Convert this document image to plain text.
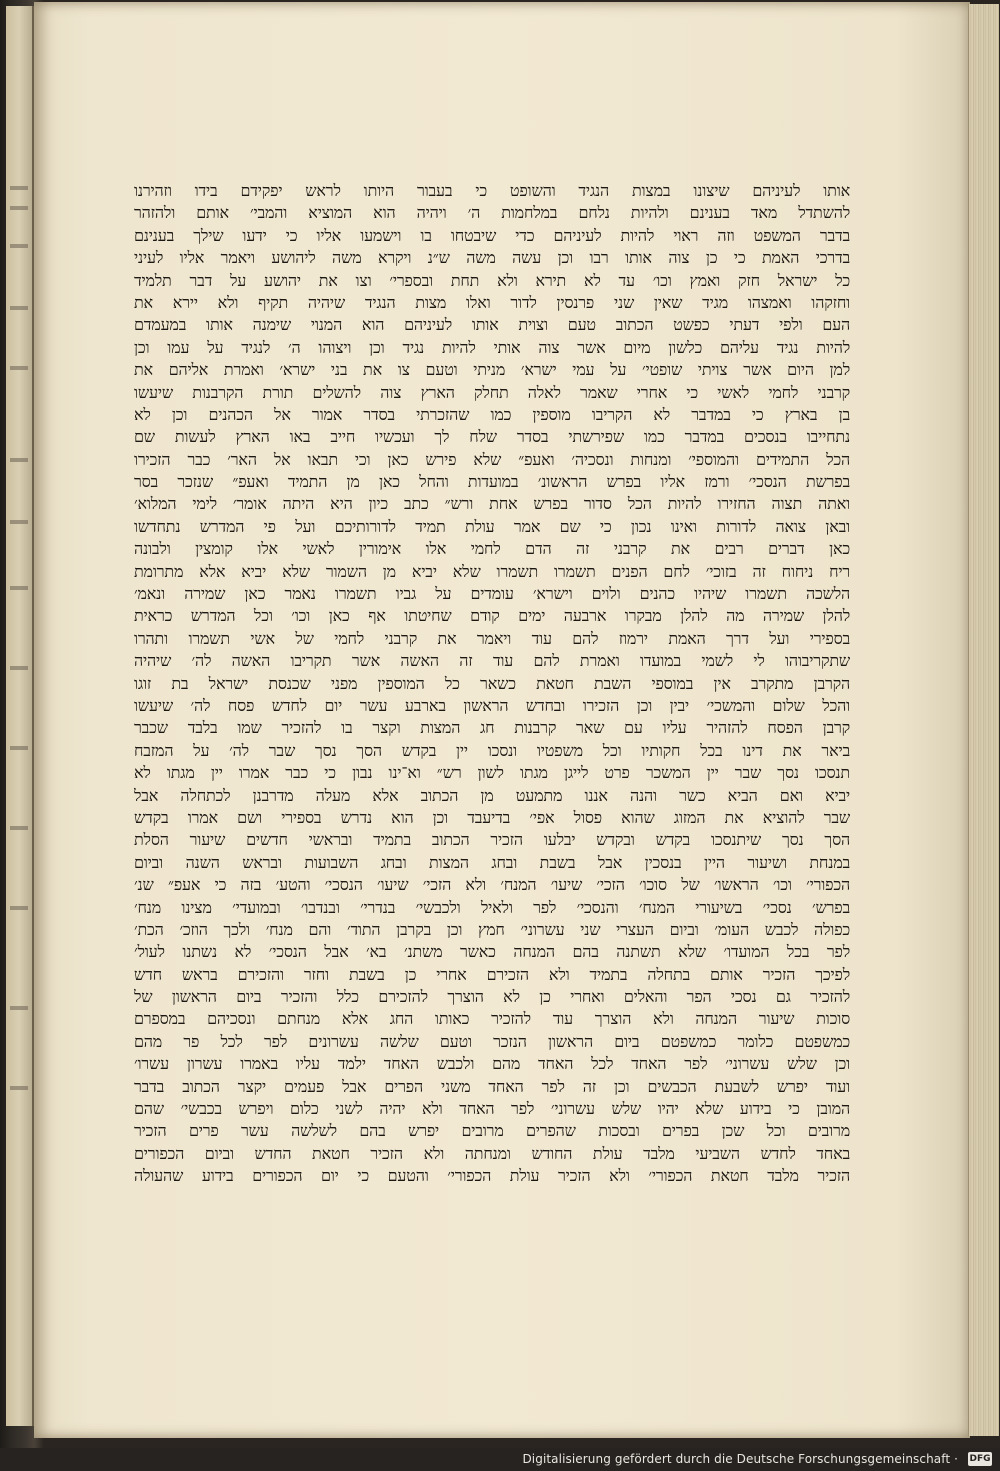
אותו לעיניהם שיצונו במצות הנגיד והשופט כי בעבור היותו לראש יפקידם בידו וזהירנו
להשתדל מאד בענינם ולהיות נלחם במלחמות ה׳ ויהיה הוא המוציא והמבי׳ אותם ולהזהר
בדבר המשפט וזה ראוי להיות לעיניהם כדי שיבטחו בו וישמעו אליו כי ידעו שילך בענינם
בדרכי האמת כי כן צוה אותו רבו וכן עשה משה ש״נ ויקרא משה ליהושע ויאמר אליו לעיני
כל ישראל חזק ואמץ וכו׳ עד לא תירא ולא תחת ובספרי׳ וצו את יהושע על דבר תלמיד
וחזקהו ואמצהו מגיד שאין שני פרנסין לדור ואלו מצות הנגיד שיהיה תקיף ולא יירא את
העם ולפי דעתי כפשט הכתוב טעם וצוית אותו לעיניהם הוא המנוי שימנה אותו במעמדם
להיות נגיד עליהם כלשון מיום אשר צוה אותי להיות נגיד וכן ויצוהו ה׳ לנגיד על עמו וכן
למן היום אשר צויתי שופטי׳ על עמי ישרא׳ מניתי וטעם צו את בני ישרא׳ ואמרת אליהם את
קרבני לחמי לאשי כי אחרי שאמר לאלה תחלק הארץ צוה להשלים תורת הקרבנות שיעשו
בן בארץ כי במדבר לא הקריבו מוספין כמו שהזכרתי בסדר אמור אל הכהנים וכן לא
נתחייבו בנסכים במדבר כמו שפירשתי בסדר שלח לך ועכשיו חייב באו הארץ לעשות שם
הכל התמידים והמוספי׳ ומנחות ונסכיה׳ ואעפ״ שלא פירש כאן וכי תבאו אל האר׳ כבר הזכירו
בפרשת הנסכי׳ ורמז אליו בפרש הראשונ׳ במועדות והחל כאן מן התמיד ואעפ״ שנזכר בסר
ואתה תצוה החזירו להיות הכל סדור בפרש אחת ורש״ כתב כיון היא היתה אומר׳ לימי המלוא׳
ובאן צואה לדורות ואינו נכון כי שם אמר עולת תמיד לדורותיכם ועל פי המדרש נתחדשו
כאן דברים רבים את קרבני זה הדם לחמי אלו אימורין לאשי אלו קומצין ולבונה
ריח ניחוח זה בזוכי׳ לחם הפנים תשמרו תשמרו שלא יביא מן השמור שלא יביא אלא מתרומת
הלשכה תשמרו שיהיו כהנים ולוים וישרא׳ עומדים על גביו תשמרו נאמר כאן שמירה ונאמ׳
להלן שמירה מה להלן מבקרו ארבעה ימים קודם שחיטתו אף כאן וכו׳ וכל המדרש כראית
בספירי ועל דרך האמת ירמוז להם עוד ויאמר את קרבני לחמי של אשי תשמרו ותהרו
שתקריבוהו לי לשמי במועדו ואמרת להם עוד זה האשה אשר תקריבו האשה לה׳ שיהיה
הקרבן מתקרב אין במוספי השבת חטאת כשאר כל המוספין מפני שכנסת ישראל בת זוגו
והכל שלום והמשכי׳ יבין וכן הזכירו ובחדש הראשון בארבע עשר יום לחדש פסח לה׳ שיעשו
קרבן הפסח להזהיר עליו עם שאר קרבנות חג המצות וקצר בו להזכיר שמו בלבד שכבר
ביאר את דינו בכל חקותיו וכל משפטיו ונסכו יין בקדש הסך נסך שבר לה׳ על המזבח
תנסכו נסך שבר יין המשכר פרט לייגן מגתו לשון רש״ וא־ינו נבון כי כבר אמרו יין מגתו לא
יביא ואם הביא כשר והנה אננו מתמעט מן הכתוב אלא מעלה מדרבנן לכתחלה אבל
שבר להוציא את המזוג שהוא פסול אפי׳ בדיעבד וכן הוא נדרש בספירי ושם אמרו בקדש
הסך נסך שיתנסכו בקדש ובקדש יבלעו הזכיר הכתוב בתמיד ובראשי חדשים שיעור הסלת
במנחת ושיעור היין בנסכין אבל בשבת ובחג המצות ובחג השבועות ובראש השנה וביום
הכפורי׳ וכו׳ הראשו׳ של סוכו׳ הזכי׳ שיעו׳ המנח׳ ולא הזכי׳ שיעו׳ הנסכי׳ והטע׳ בזה כי אעפ״ שנ׳
בפרש׳ נסכי׳ בשיעורי המנח׳ והנסכי׳ לפר ולאיל ולכבשי׳ בנדרי׳ ובנדבו׳ ובמועדי׳ מצינו מנח׳
כפולה לכבש העומ׳ וביום העצרי שני עשרוני׳ חמץ וכן בקרבן התוד׳ והם מנח׳ ולכך הוזכ׳ הכת׳
לפר בכל המועדו׳ שלא תשתנה בהם המנחה כאשר משתנ׳ בא׳ אבל הנסכי׳ לא נשתנו לעול׳
לפיכך הזכיר אותם בתחלה בתמיד ולא הזכירם אחרי כן בשבת וחזר והזכירם בראש חדש
להזכיר גם נסכי הפר והאלים ואחרי כן לא הוצרך להזכירם כלל והזכיר ביום הראשון של
סוכות שיעור המנחה ולא הוצרך עוד להזכיר כאותו החג אלא מנחתם ונסכיהם במספרם
כמשפטם כלומר כמשפטם ביום הראשון הנזכר וטעם שלשה עשרונים לפר לכל פר מהם
וכן שלש עשרוני׳ לפר האחד לכל האחד מהם ולכבש האחד ילמד עליו באמרו עשרון עשרו׳
ועוד יפרש לשבעת הכבשים וכן זה לפר האחד משני הפרים אבל פעמים יקצר הכתוב בדבר
המובן כי בידוע שלא יהיו שלש עשרוני׳ לפר האחד ולא יהיה לשני כלום ויפרש בכבשי׳ שהם
מרובים וכל שכן בפרים ובסכות שהפרים מרובים יפרש בהם לשלשה עשר פרים הזכיר
באחד לחדש השביעי מלבד עולת החודש ומנחתה ולא הזכיר חטאת החדש וביום הכפורים
הזכיר מלבד חטאת הכפורי׳ ולא הזכיר עולת הכפורי׳ והטעם כי יום הכפורים בידוע שהעולה
Digitalisierung gefördert durch die Deutsche Forschungsgemeinschaft · DFG
